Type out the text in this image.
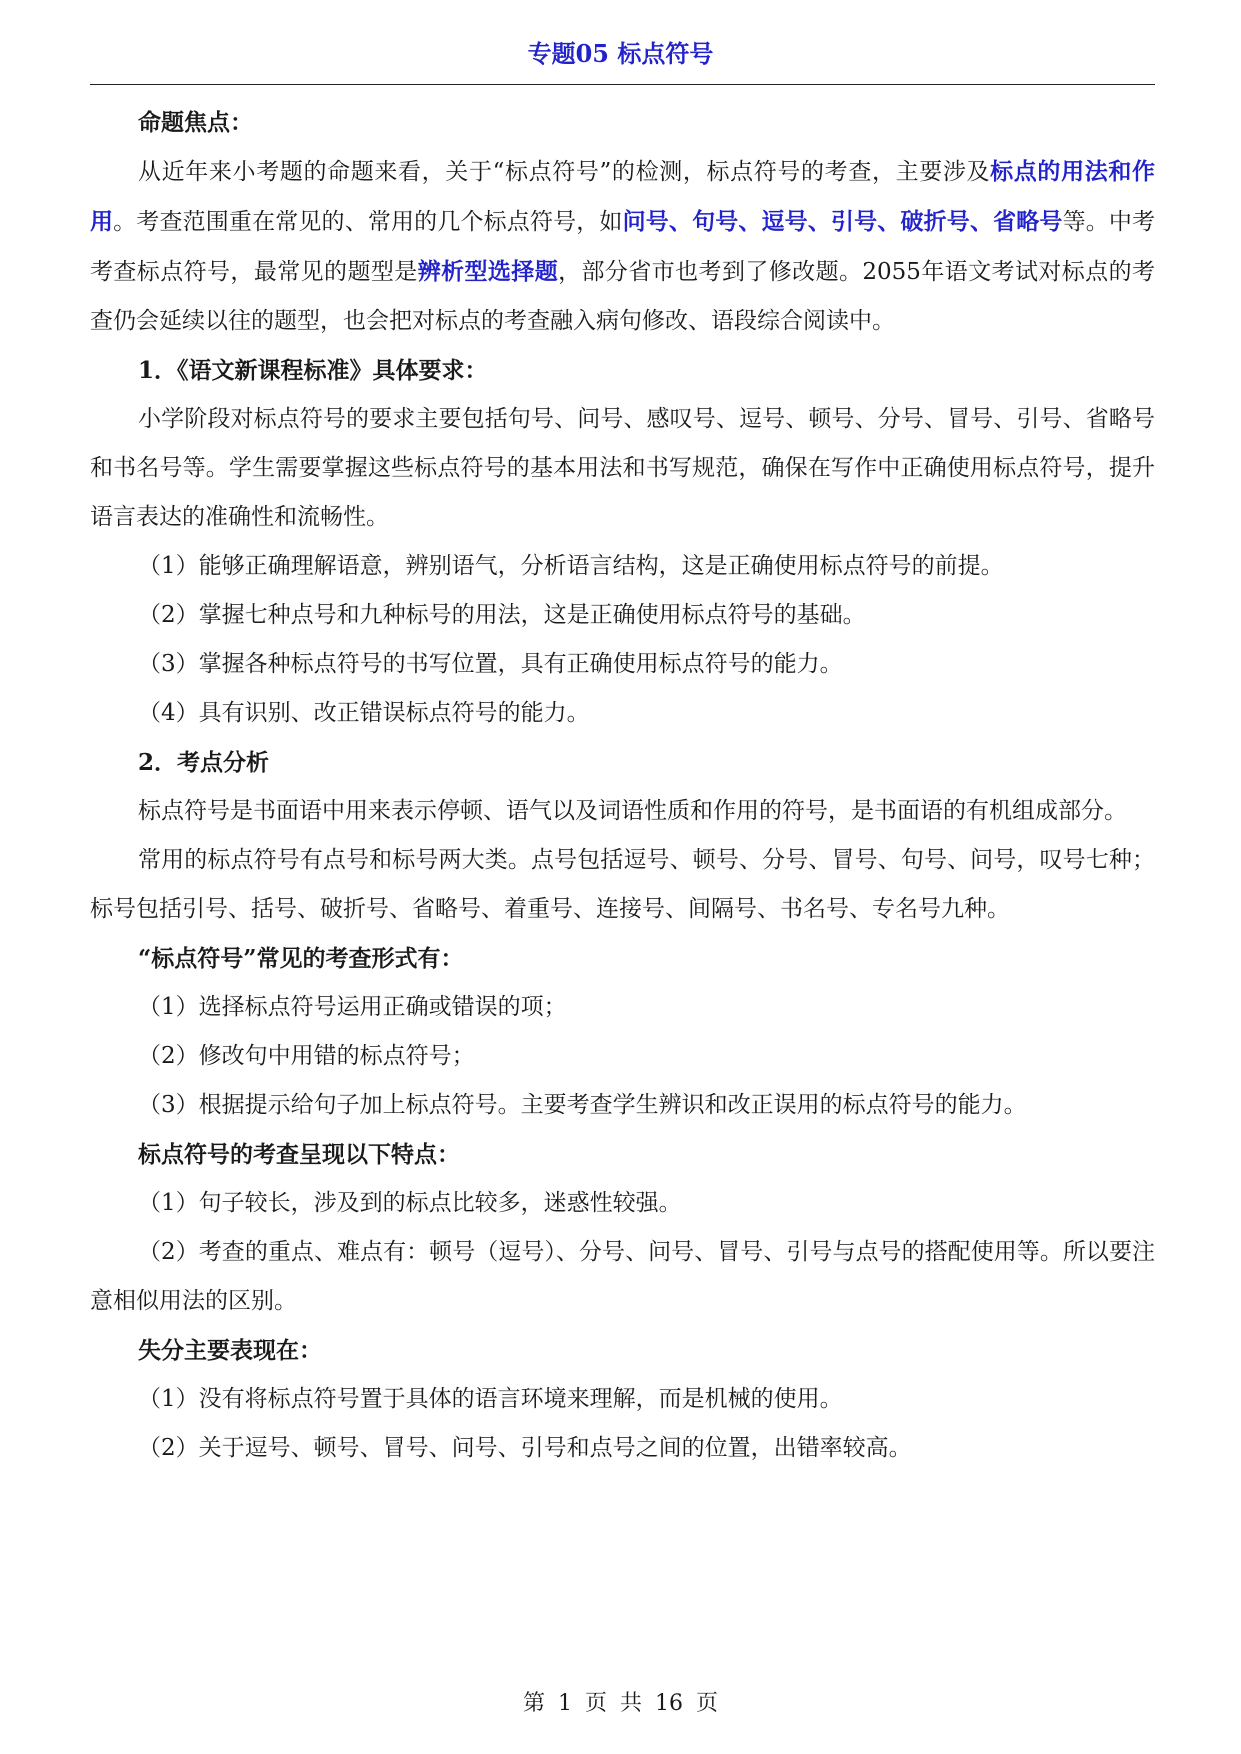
专题05 标点符号

命题焦点：

从近年来小考题的命题来看，关于“标点符号”的检测，标点符号的考查，主要涉及标点的用法和作用。考查范围重在常见的、常用的几个标点符号，如问号、句号、逗号、引号、破折号、省略号等。中考考查标点符号，最常见的题型是辨析型选择题，部分省市也考到了修改题。2055年语文考试对标点的考查仍会延续以往的题型，也会把对标点的考查融入病句修改、语段综合阅读中。

1．《语文新课程标准》具体要求：

小学阶段对标点符号的要求主要包括句号、问号、感叹号、逗号、顿号、分号、冒号、引号、省略号和书名号等。学生需要掌握这些标点符号的基本用法和书写规范，确保在写作中正确使用标点符号，提升语言表达的准确性和流畅性。

（1）能够正确理解语意，辨别语气，分析语言结构，这是正确使用标点符号的前提。

（2）掌握七种点号和九种标号的用法，这是正确使用标点符号的基础。

（3）掌握各种标点符号的书写位置，具有正确使用标点符号的能力。

（4）具有识别、改正错误标点符号的能力。

2．考点分析

标点符号是书面语中用来表示停顿、语气以及词语性质和作用的符号，是书面语的有机组成部分。

常用的标点符号有点号和标号两大类。点号包括逗号、顿号、分号、冒号、句号、问号，叹号七种；标号包括引号、括号、破折号、省略号、着重号、连接号、间隔号、书名号、专名号九种。

“标点符号”常见的考查形式有：

（1）选择标点符号运用正确或错误的项；

（2）修改句中用错的标点符号；

（3）根据提示给句子加上标点符号。主要考查学生辨识和改正误用的标点符号的能力。

标点符号的考查呈现以下特点：

（1）句子较长，涉及到的标点比较多，迷惑性较强。

（2）考查的重点、难点有：顿号（逗号）、分号、问号、冒号、引号与点号的搭配使用等。所以要注意相似用法的区别。

失分主要表现在：

（1）没有将标点符号置于具体的语言环境来理解，而是机械的使用。

（2）关于逗号、顿号、冒号、问号、引号和点号之间的位置，出错率较高。

第 1 页 共 16 页
